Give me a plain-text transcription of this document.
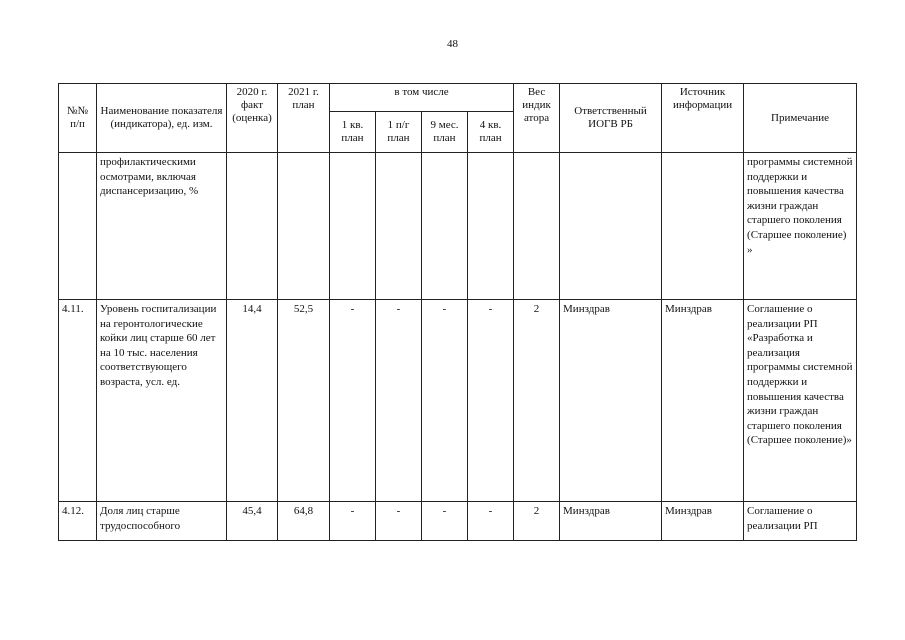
48
№№ п/п	Наименование показателя (индикатора), ед. изм.	2020 г. факт (оценка)	2021 г. план	в том числе				Вес индик атора	Ответственный ИОГВ РБ	Источник информации	Примечание
				1 кв. план	1 п/г план	9 мес. план	4 кв. план				
	профилактическими осмотрами, включая диспансеризацию, %										программы системной поддержки и повышения качества жизни граждан старшего поколения (Старшее поколение) »
4.11.	Уровень госпитализации на геронтологические койки лиц старше 60 лет на 10 тыс. населения соответствующего возраста, усл. ед.	14,4	52,5	-	-	-	-	2	Минздрав	Минздрав	Соглашение о реализации РП «Разработка и реализация программы системной поддержки и повышения качества жизни граждан старшего поколения (Старшее поколение)»
4.12.	Доля лиц старше трудоспособного	45,4	64,8	-	-	-	-	2	Минздрав	Минздрав	Соглашение о реализации РП
